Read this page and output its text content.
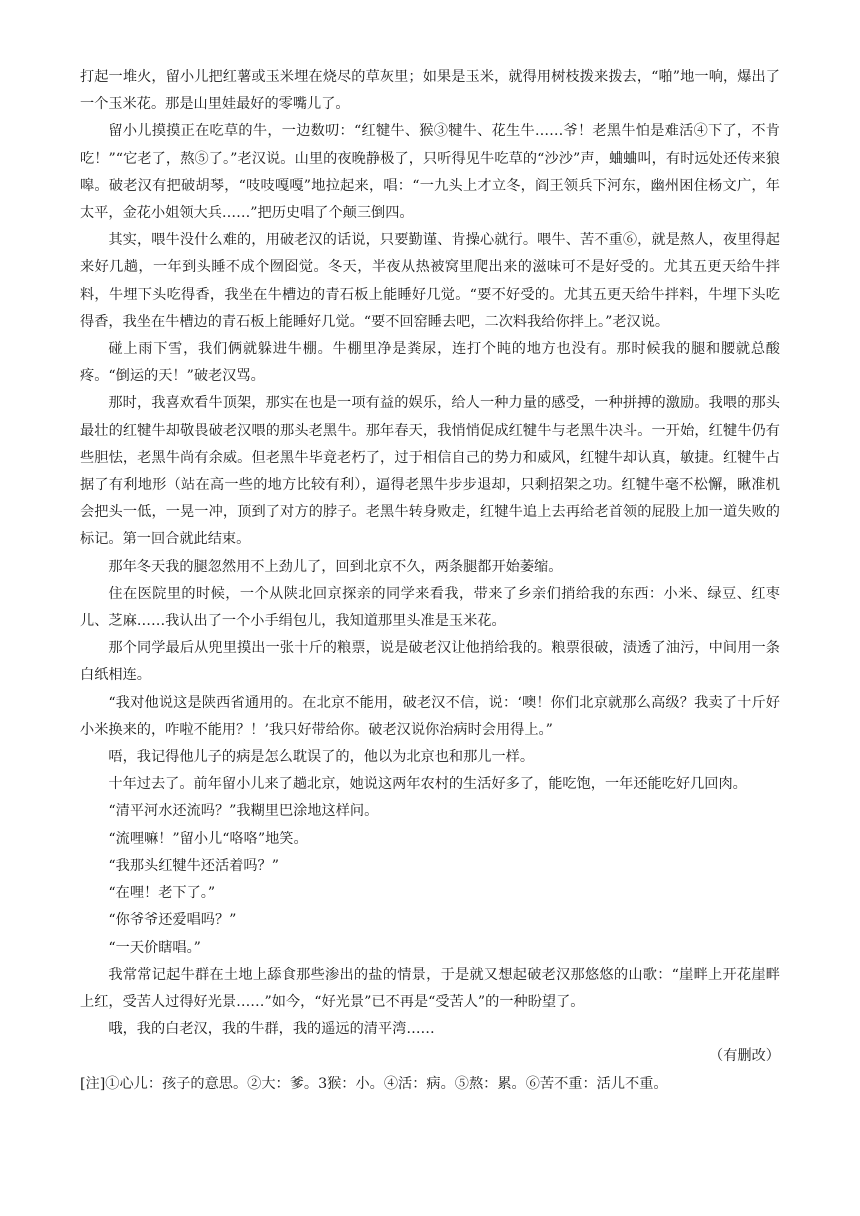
打起一堆火，留小儿把红薯或玉米埋在烧尽的草灰里；如果是玉米，就得用树枝拨来拨去，“啪”地一响，爆出了一个玉米花。那是山里娃最好的零嘴儿了。

留小儿摸摸正在吃草的牛，一边数叨：“红犍牛、猴③犍牛、花生牛……爷！老黑牛怕是难活④下了，不肯吃！”“它老了，熬⑤了。”老汉说。山里的夜晚静极了，只听得见牛吃草的“沙沙”声，蛐蛐叫，有时远处还传来狼嗥。破老汉有把破胡琴，“吱吱嘎嘎”地拉起来，唱：“一九头上才立冬，阎王领兵下河东，幽州困住杨文广，年太平，金花小姐领大兵……”把历史唱了个颠三倒四。

其实，喂牛没什么难的，用破老汉的话说，只要勤谨、肯操心就行。喂牛、苦不重⑥，就是熬人，夜里得起来好几趟，一年到头睡不成个囫囵觉。冬天，半夜从热被窝里爬出来的滋味可不是好受的。尤其五更天给牛拌料，牛埋下头吃得香，我坐在牛槽边的青石板上能睡好几觉。“要不好受的。尤其五更天给牛拌料，牛埋下头吃得香，我坐在牛槽边的青石板上能睡好几觉。“要不回窑睡去吧，二次料我给你拌上。”老汉说。

碰上雨下雪，我们俩就躲进牛棚。牛棚里净是粪尿，连打个盹的地方也没有。那时候我的腿和腰就总酸疼。“倒运的天！”破老汉骂。

那时，我喜欢看牛顶架，那实在也是一项有益的娱乐，给人一种力量的感受，一种拼搏的激励。我喂的那头最壮的红犍牛却敬畏破老汉喂的那头老黑牛。那年春天，我悄悄促成红犍牛与老黑牛决斗。一开始，红犍牛仍有些胆怯，老黑牛尚有余威。但老黑牛毕竟老朽了，过于相信自己的势力和威风，红犍牛却认真，敏捷。红犍牛占据了有利地形（站在高一些的地方比较有利），逼得老黑牛步步退却，只剩招架之功。红犍牛毫不松懈，瞅准机会把头一低，一晃一冲，顶到了对方的脖子。老黑牛转身败走，红犍牛追上去再给老首领的屁股上加一道失败的标记。第一回合就此结束。

那年冬天我的腿忽然用不上劲儿了，回到北京不久，两条腿都开始萎缩。

住在医院里的时候，一个从陕北回京探亲的同学来看我，带来了乡亲们捎给我的东西：小米、绿豆、红枣儿、芝麻……我认出了一个小手绢包儿，我知道那里头准是玉米花。

那个同学最后从兜里摸出一张十斤的粮票，说是破老汉让他捎给我的。粮票很破，渍透了油污，中间用一条白纸相连。

“我对他说这是陕西省通用的。在北京不能用，破老汉不信，说：‘噢！你们北京就那么高级？我卖了十斤好小米换来的，咋啦不能用？！’我只好带给你。破老汉说你治病时会用得上。”

唔，我记得他儿子的病是怎么耽误了的，他以为北京也和那儿一样。

十年过去了。前年留小儿来了趟北京，她说这两年农村的生活好多了，能吃饱，一年还能吃好几回肉。

“清平河水还流吗？”我糊里巴涂地这样问。

“流哩嘛！”留小儿“咯咯”地笑。

“我那头红犍牛还活着吗？”

“在哩！老下了。”

“你爷爷还爱唱吗？”

“一天价瞎唱。”

我常常记起牛群在土地上舔食那些渗出的盐的情景，于是就又想起破老汉那悠悠的山歌：“崖畔上开花崖畔上红，受苦人过得好光景……”如今，“好光景”已不再是“受苦人”的一种盼望了。

哦，我的白老汉，我的牛群，我的遥远的清平湾……

（有删改）

[注]①心儿：孩子的意思。②大：爹。3猴：小。④活：病。⑤熬：累。⑥苦不重：活儿不重。
